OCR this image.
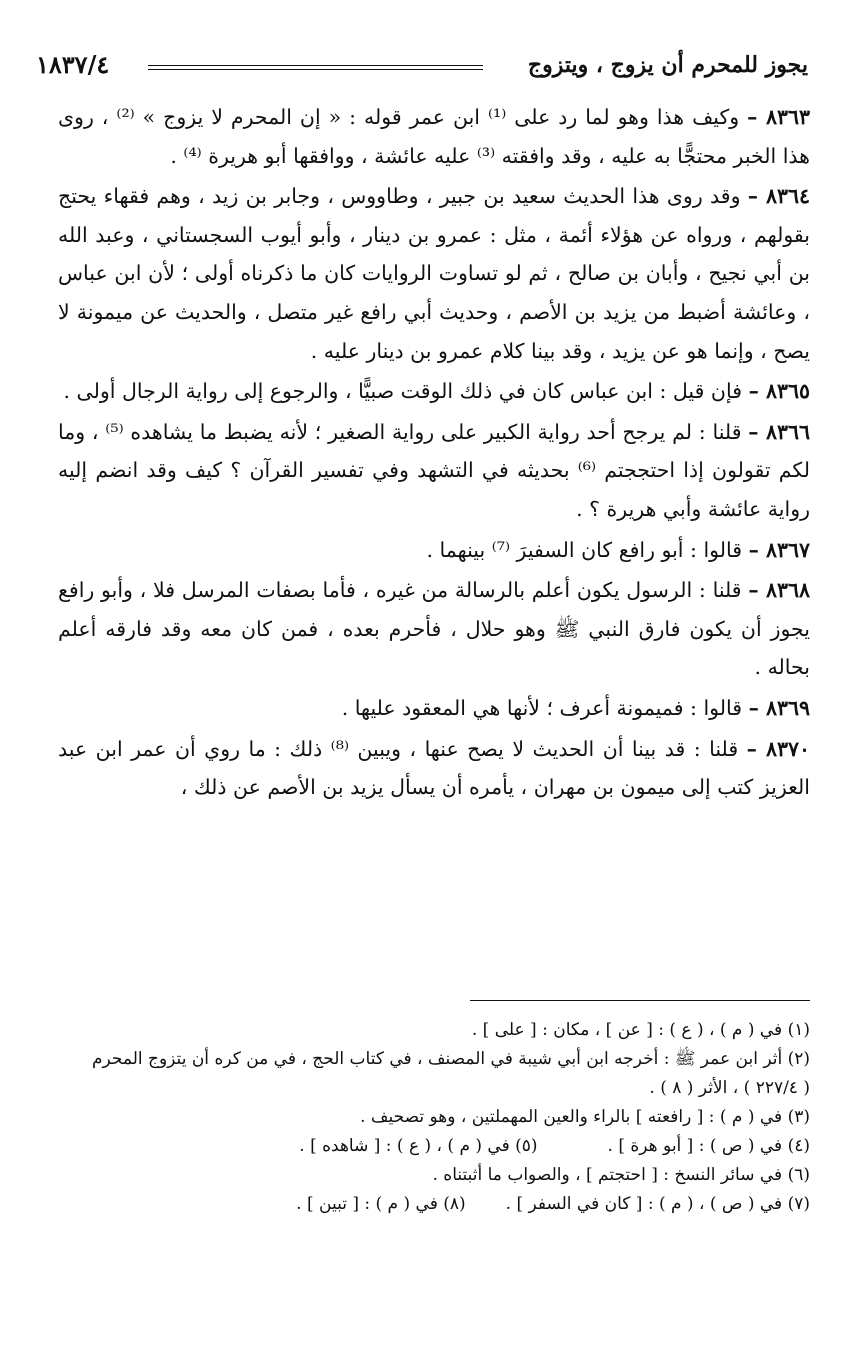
يجوز للمحرم أن يزوج ، ويتزوج
١٨٣٧/٤

٨٣٦٣ – وكيف هذا وهو لما رد على ⁽¹⁾ ابن عمر قوله : « إن المحرم لا يزوج » ⁽²⁾ ، روى هذا الخبر محتجًّا به عليه ، وقد وافقته ⁽³⁾ عليه عائشة ، ووافقها أبو هريرة ⁽⁴⁾ .

٨٣٦٤ – وقد روى هذا الحديث سعيد بن جبير ، وطاووس ، وجابر بن زيد ، وهم فقهاء يحتج بقولهم ، ورواه عن هؤلاء أئمة ، مثل : عمرو بن دينار ، وأبو أيوب السجستاني ، وعبد الله بن أبي نجيح ، وأبان بن صالح ، ثم لو تساوت الروايات كان ما ذكرناه أولى ؛ لأن ابن عباس ، وعائشة أضبط من يزيد بن الأصم ، وحديث أبي رافع غير متصل ، والحديث عن ميمونة لا يصح ، وإنما هو عن يزيد ، وقد بينا كلام عمرو بن دينار عليه .

٨٣٦٥ – فإن قيل : ابن عباس كان في ذلك الوقت صبيًّا ، والرجوع إلى رواية الرجال أولى .

٨٣٦٦ – قلنا : لم يرجح أحد رواية الكبير على رواية الصغير ؛ لأنه يضبط ما يشاهده ⁽⁵⁾ ، وما لكم تقولون إذا احتججتم ⁽⁶⁾ بحديثه في التشهد وفي تفسير القرآن ؟ كيف وقد انضم إليه رواية عائشة وأبي هريرة ؟ .

٨٣٦٧ – قالوا : أبو رافع كان السفيرَ ⁽⁷⁾ بينهما .

٨٣٦٨ – قلنا : الرسول يكون أعلم بالرسالة من غيره ، فأما بصفات المرسل فلا ، وأبو رافع يجوز أن يكون فارق النبي ﷺ وهو حلال ، فأحرم بعده ، فمن كان معه وقد فارقه أعلم بحاله .

٨٣٦٩ – قالوا : فميمونة أعرف ؛ لأنها هي المعقود عليها .

٨٣٧٠ – قلنا : قد بينا أن الحديث لا يصح عنها ، ويبين ⁽⁸⁾ ذلك : ما روي أن عمر ابن عبد العزيز كتب إلى ميمون بن مهران ، يأمره أن يسأل يزيد بن الأصم عن ذلك ،

(١) في ( م ) ، ( ع ) : [ عن ] ، مكان : [ على ] .

(٢) أثر ابن عمر ﷺ : أخرجه ابن أبي شيبة في المصنف ، في كتاب الحج ، في من كره أن يتزوج المحرم

( ٢٢٧/٤ ) ، الأثر ( ٨ ) .

(٣) في ( م ) : [ رافعته ] بالراء والعين المهملتين ، وهو تصحيف .

(٤) في ( ص ) : [ أبو هرة ] .

(٥) في ( م ) ، ( ع ) : [ شاهده ] .

(٦) في سائر النسخ : [ احتجتم ] ، والصواب ما أثبتناه .

(٧) في ( ص ) ، ( م ) : [ كان في السفر ] .

(٨) في ( م ) : [ تبين ] .
